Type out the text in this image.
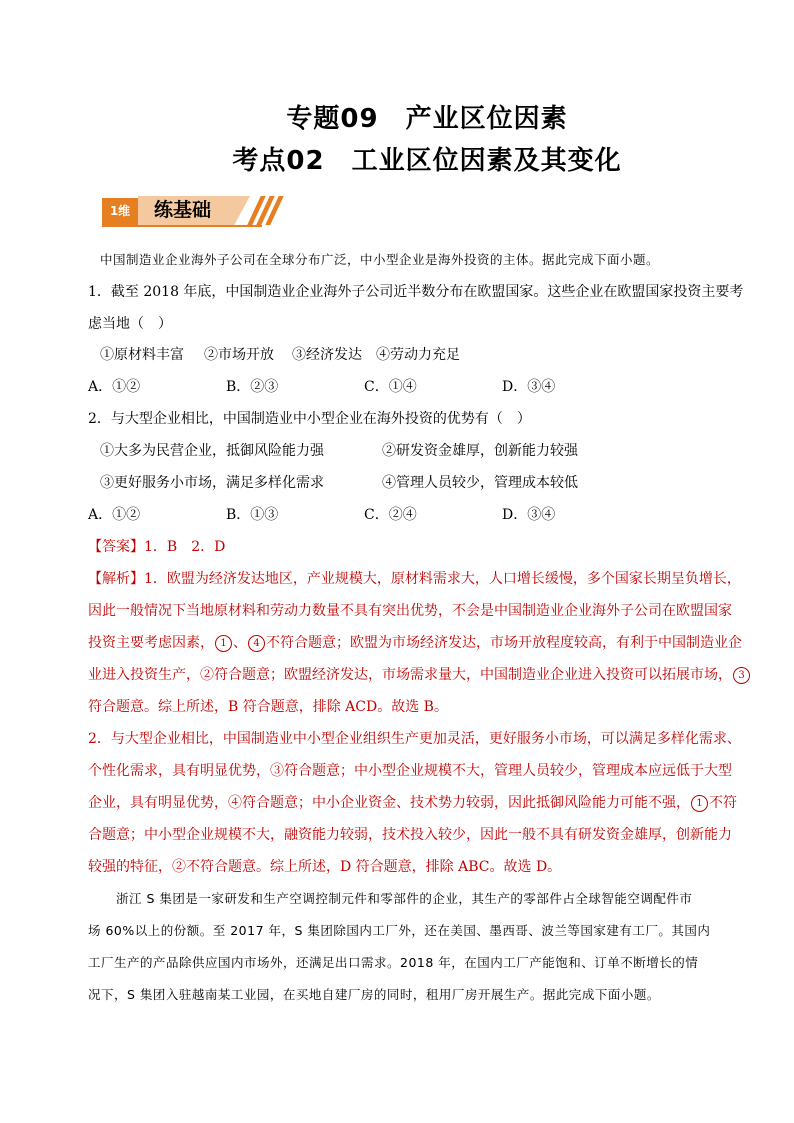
专题09　产业区位因素
考点02　工业区位因素及其变化
1维	练基础
中国制造业企业海外子公司在全球分布广泛，中小型企业是海外投资的主体。据此完成下面小题。
1．截至 2018 年底，中国制造业企业海外子公司近半数分布在欧盟国家。这些企业在欧盟国家投资主要考
虑当地（　）
①原材料丰富 ②市场开放 ③经济发达 ④劳动力充足
A．①②	B．②③	C．①④	D．③④
2．与大型企业相比，中国制造业中小型企业在海外投资的优势有（　）
①大多为民营企业，抵御风险能力强	②研发资金雄厚，创新能力较强
③更好服务小市场，满足多样化需求	④管理人员较少，管理成本较低
A．①②	B．①③	C．②④	D．③④
【答案】1．B　2．D
【解析】1．欧盟为经济发达地区，产业规模大，原材料需求大，人口增长缓慢，多个国家长期呈负增长，
因此一般情况下当地原材料和劳动力数量不具有突出优势，不会是中国制造业企业海外子公司在欧盟国家
投资主要考虑因素， 1 、 4 不符合题意；欧盟为市场经济发达，市场开放程度较高，有利于中国制造业企
业进入投资生产，②符合题意；欧盟经济发达，市场需求量大，中国制造业企业进入投资可以拓展市场， 3
符合题意。综上所述，B 符合题意，排除 ACD。故选 B。
2．与大型企业相比，中国制造业中小型企业组织生产更加灵活，更好服务小市场，可以满足多样化需求、
个性化需求，具有明显优势，③符合题意；中小型企业规模不大，管理人员较少，管理成本应远低于大型
企业，具有明显优势，④符合题意；中小企业资金、技术势力较弱，因此抵御风险能力可能不强， 1 不符
合题意；中小型企业规模不大，融资能力较弱，技术投入较少，因此一般不具有研发资金雄厚，创新能力
较强的特征，②不符合题意。综上所述，D 符合题意，排除 ABC。故选 D。
浙江 S 集团是一家研发和生产空调控制元件和零部件的企业，其生产的零部件占全球智能空调配件市
场 60%以上的份额。至 2017 年，S 集团除国内工厂外，还在美国、墨西哥、波兰等国家建有工厂。其国内
工厂生产的产品除供应国内市场外，还满足出口需求。2018 年，在国内工厂产能饱和、订单不断增长的情
况下，S 集团入驻越南某工业园，在买地自建厂房的同时，租用厂房开展生产。据此完成下面小题。
